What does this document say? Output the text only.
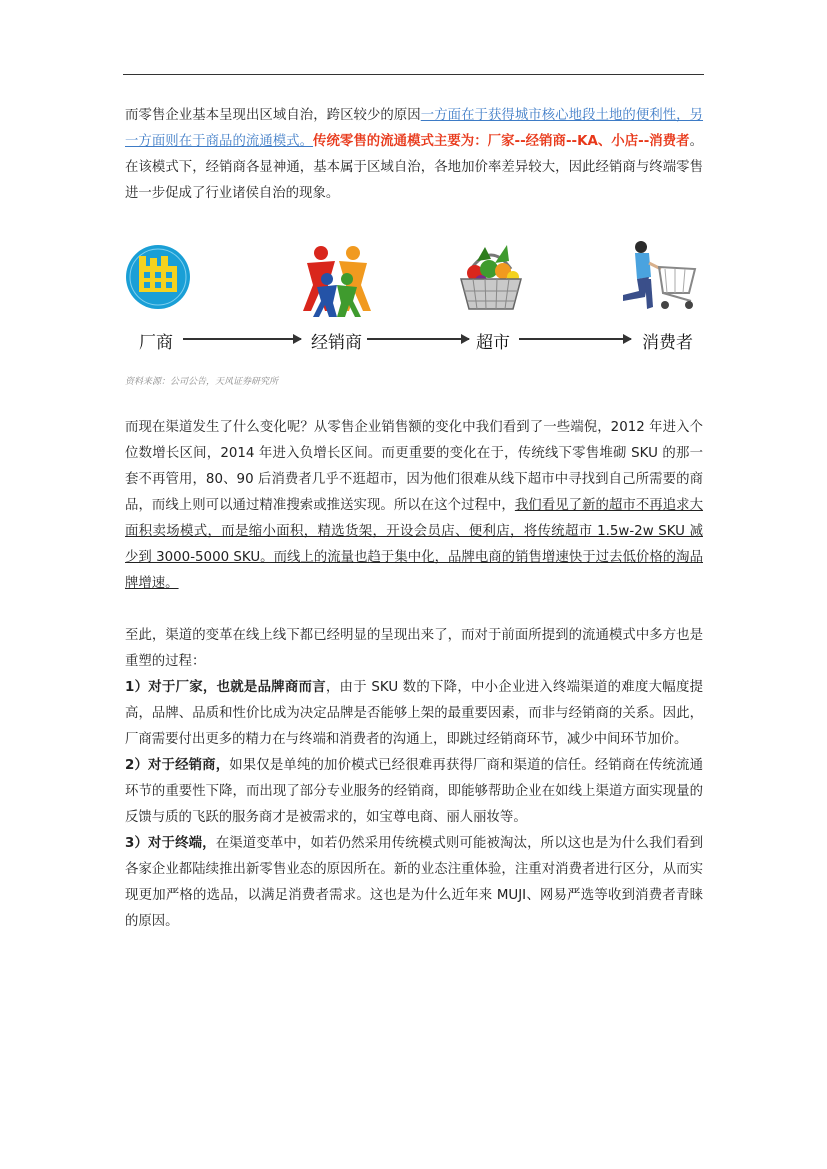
而零售企业基本呈现出区域自治，跨区较少的原因一方面在于获得城市核心地段土地的便利性，另一方面则在于商品的流通模式。传统零售的流通模式主要为：厂家--经销商--KA、小店--消费者。在该模式下，经销商各显神通，基本属于区域自治，各地加价率差异较大，因此经销商与终端零售进一步促成了行业诸侯自治的现象。

厂商	经销商	超市	消费者

资料来源：公司公告，天风证券研究所

而现在渠道发生了什么变化呢？从零售企业销售额的变化中我们看到了一些端倪，2012 年进入个位数增长区间，2014 年进入负增长区间。而更重要的变化在于，传统线下零售堆砌 SKU 的那一套不再管用，80、90 后消费者几乎不逛超市，因为他们很难从线下超市中寻找到自己所需要的商品，而线上则可以通过精准搜索或推送实现。所以在这个过程中，我们看见了新的超市不再追求大面积卖场模式，而是缩小面积，精选货架，开设会员店、便利店，将传统超市 1.5w-2w SKU 减少到 3000-5000 SKU。而线上的流量也趋于集中化，品牌电商的销售增速快于过去低价格的淘品牌增速。

至此，渠道的变革在线上线下都已经明显的呈现出来了，而对于前面所提到的流通模式中多方也是重塑的过程：

1）对于厂家，也就是品牌商而言，由于 SKU 数的下降，中小企业进入终端渠道的难度大幅度提高，品牌、品质和性价比成为决定品牌是否能够上架的最重要因素，而非与经销商的关系。因此，厂商需要付出更多的精力在与终端和消费者的沟通上，即跳过经销商环节，减少中间环节加价。

2）对于经销商，如果仅是单纯的加价模式已经很难再获得厂商和渠道的信任。经销商在传统流通环节的重要性下降，而出现了部分专业服务的经销商，即能够帮助企业在如线上渠道方面实现量的反馈与质的飞跃的服务商才是被需求的，如宝尊电商、丽人丽妆等。

3）对于终端，在渠道变革中，如若仍然采用传统模式则可能被淘汰，所以这也是为什么我们看到各家企业都陆续推出新零售业态的原因所在。新的业态注重体验，注重对消费者进行区分，从而实现更加严格的选品，以满足消费者需求。这也是为什么近年来 MUJI、网易严选等收到消费者青睐的原因。
